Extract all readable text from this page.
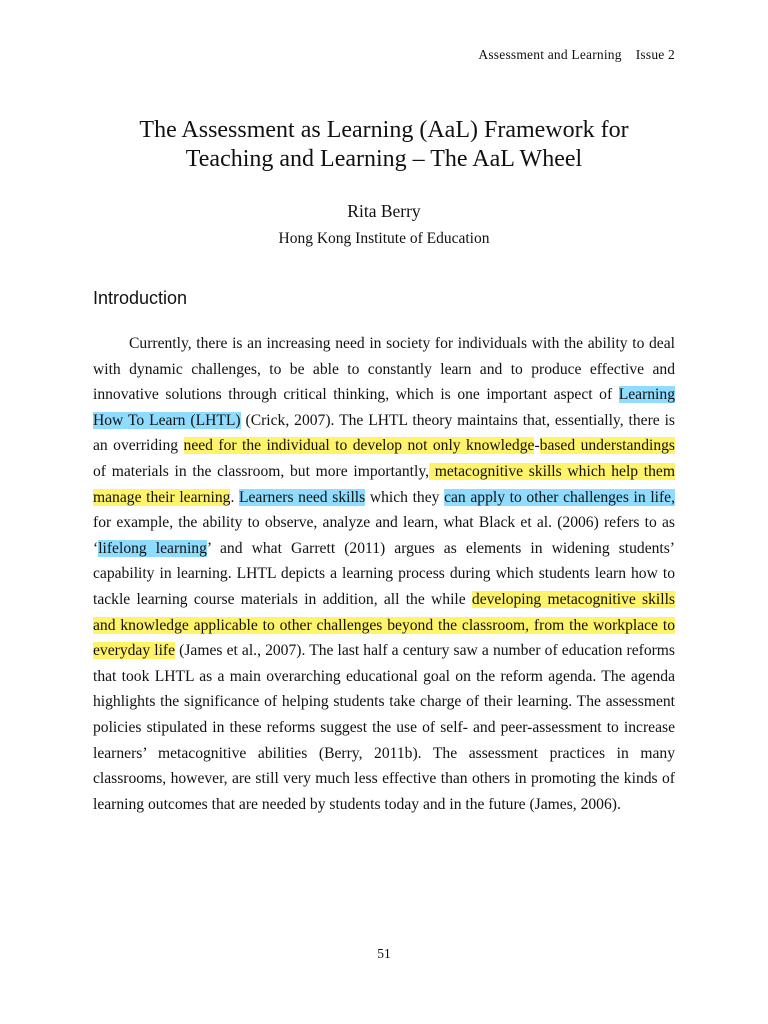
Assessment and Learning Issue 2
The Assessment as Learning (AaL) Framework for
Teaching and Learning – The AaL Wheel
Rita Berry
Hong Kong Institute of Education
Introduction

Currently, there is an increasing need in society for individuals with the ability to deal with dynamic challenges, to be able to constantly learn and to produce effective and innovative solutions through critical thinking, which is one important aspect of Learning How To Learn (LHTL) (Crick, 2007). The LHTL theory maintains that, essentially, there is an overriding need for the individual to develop not only knowledge-based understandings of materials in the classroom, but more importantly, metacognitive skills which help them manage their learning. Learners need skills which they can apply to other challenges in life, for example, the ability to observe, analyze and learn, what Black et al. (2006) refers to as ‘lifelong learning’ and what Garrett (2011) argues as elements in widening students’ capability in learning. LHTL depicts a learning process during which students learn how to tackle learning course materials in addition, all the while developing metacognitive skills and knowledge applicable to other challenges beyond the classroom, from the workplace to everyday life (James et al., 2007). The last half a century saw a number of education reforms that took LHTL as a main overarching educational goal on the reform agenda. The agenda highlights the significance of helping students take charge of their learning. The assessment policies stipulated in these reforms suggest the use of self- and peer-assessment to increase learners’ metacognitive abilities (Berry, 2011b). The assessment practices in many classrooms, however, are still very much less effective than others in promoting the kinds of learning outcomes that are needed by students today and in the future (James, 2006).

51
